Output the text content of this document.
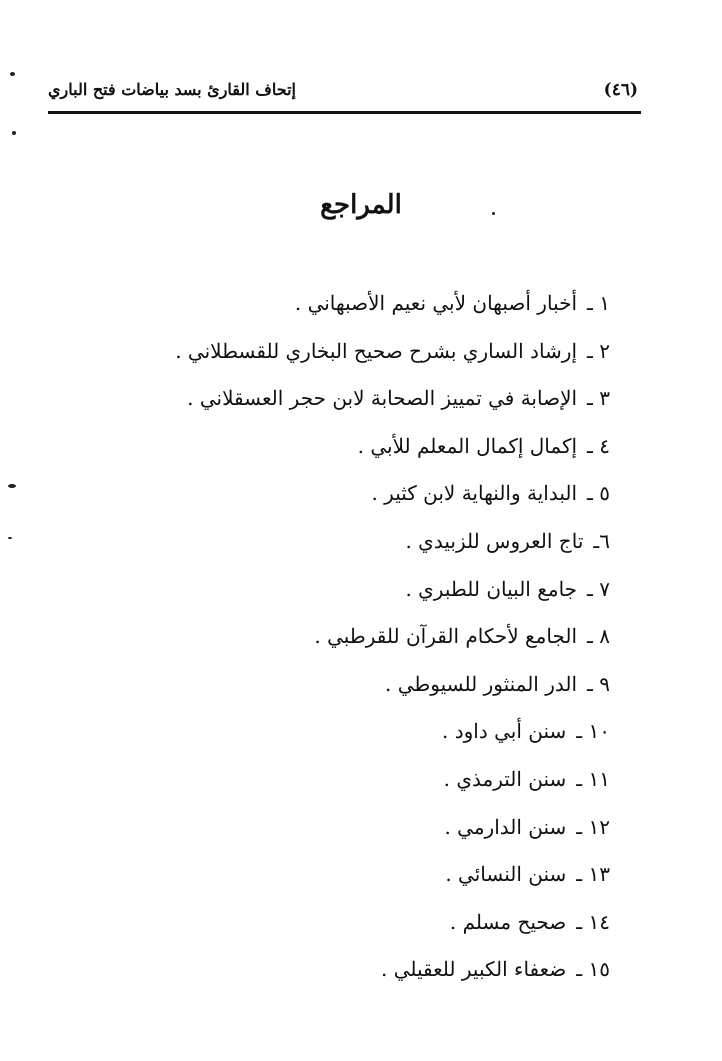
(٤٦)
إتحاف القارئ بسد بياضات فتح الباري
المراجع
١ ـأخبار أصبهان لأبي نعيم الأصبهاني .
٢ ـإرشاد الساري بشرح صحيح البخاري للقسطلاني .
٣ ـالإصابة في تمييز الصحابة لابن حجر العسقلاني .
٤ ـإكمال إكمال المعلم للأبي .
٥ ـالبداية والنهاية لابن كثير .
٦ـتاج العروس للزبيدي .
٧ ـجامع البيان للطبري .
٨ ـالجامع لأحكام القرآن للقرطبي .
٩ ـالدر المنثور للسيوطي .
١٠ ـسنن أبي داود .
١١ ـسنن الترمذي .
١٢ ـسنن الدارمي .
١٣ ـسنن النسائي .
١٤ ـصحيح مسلم .
١٥ ـضعفاء الكبير للعقيلي .
